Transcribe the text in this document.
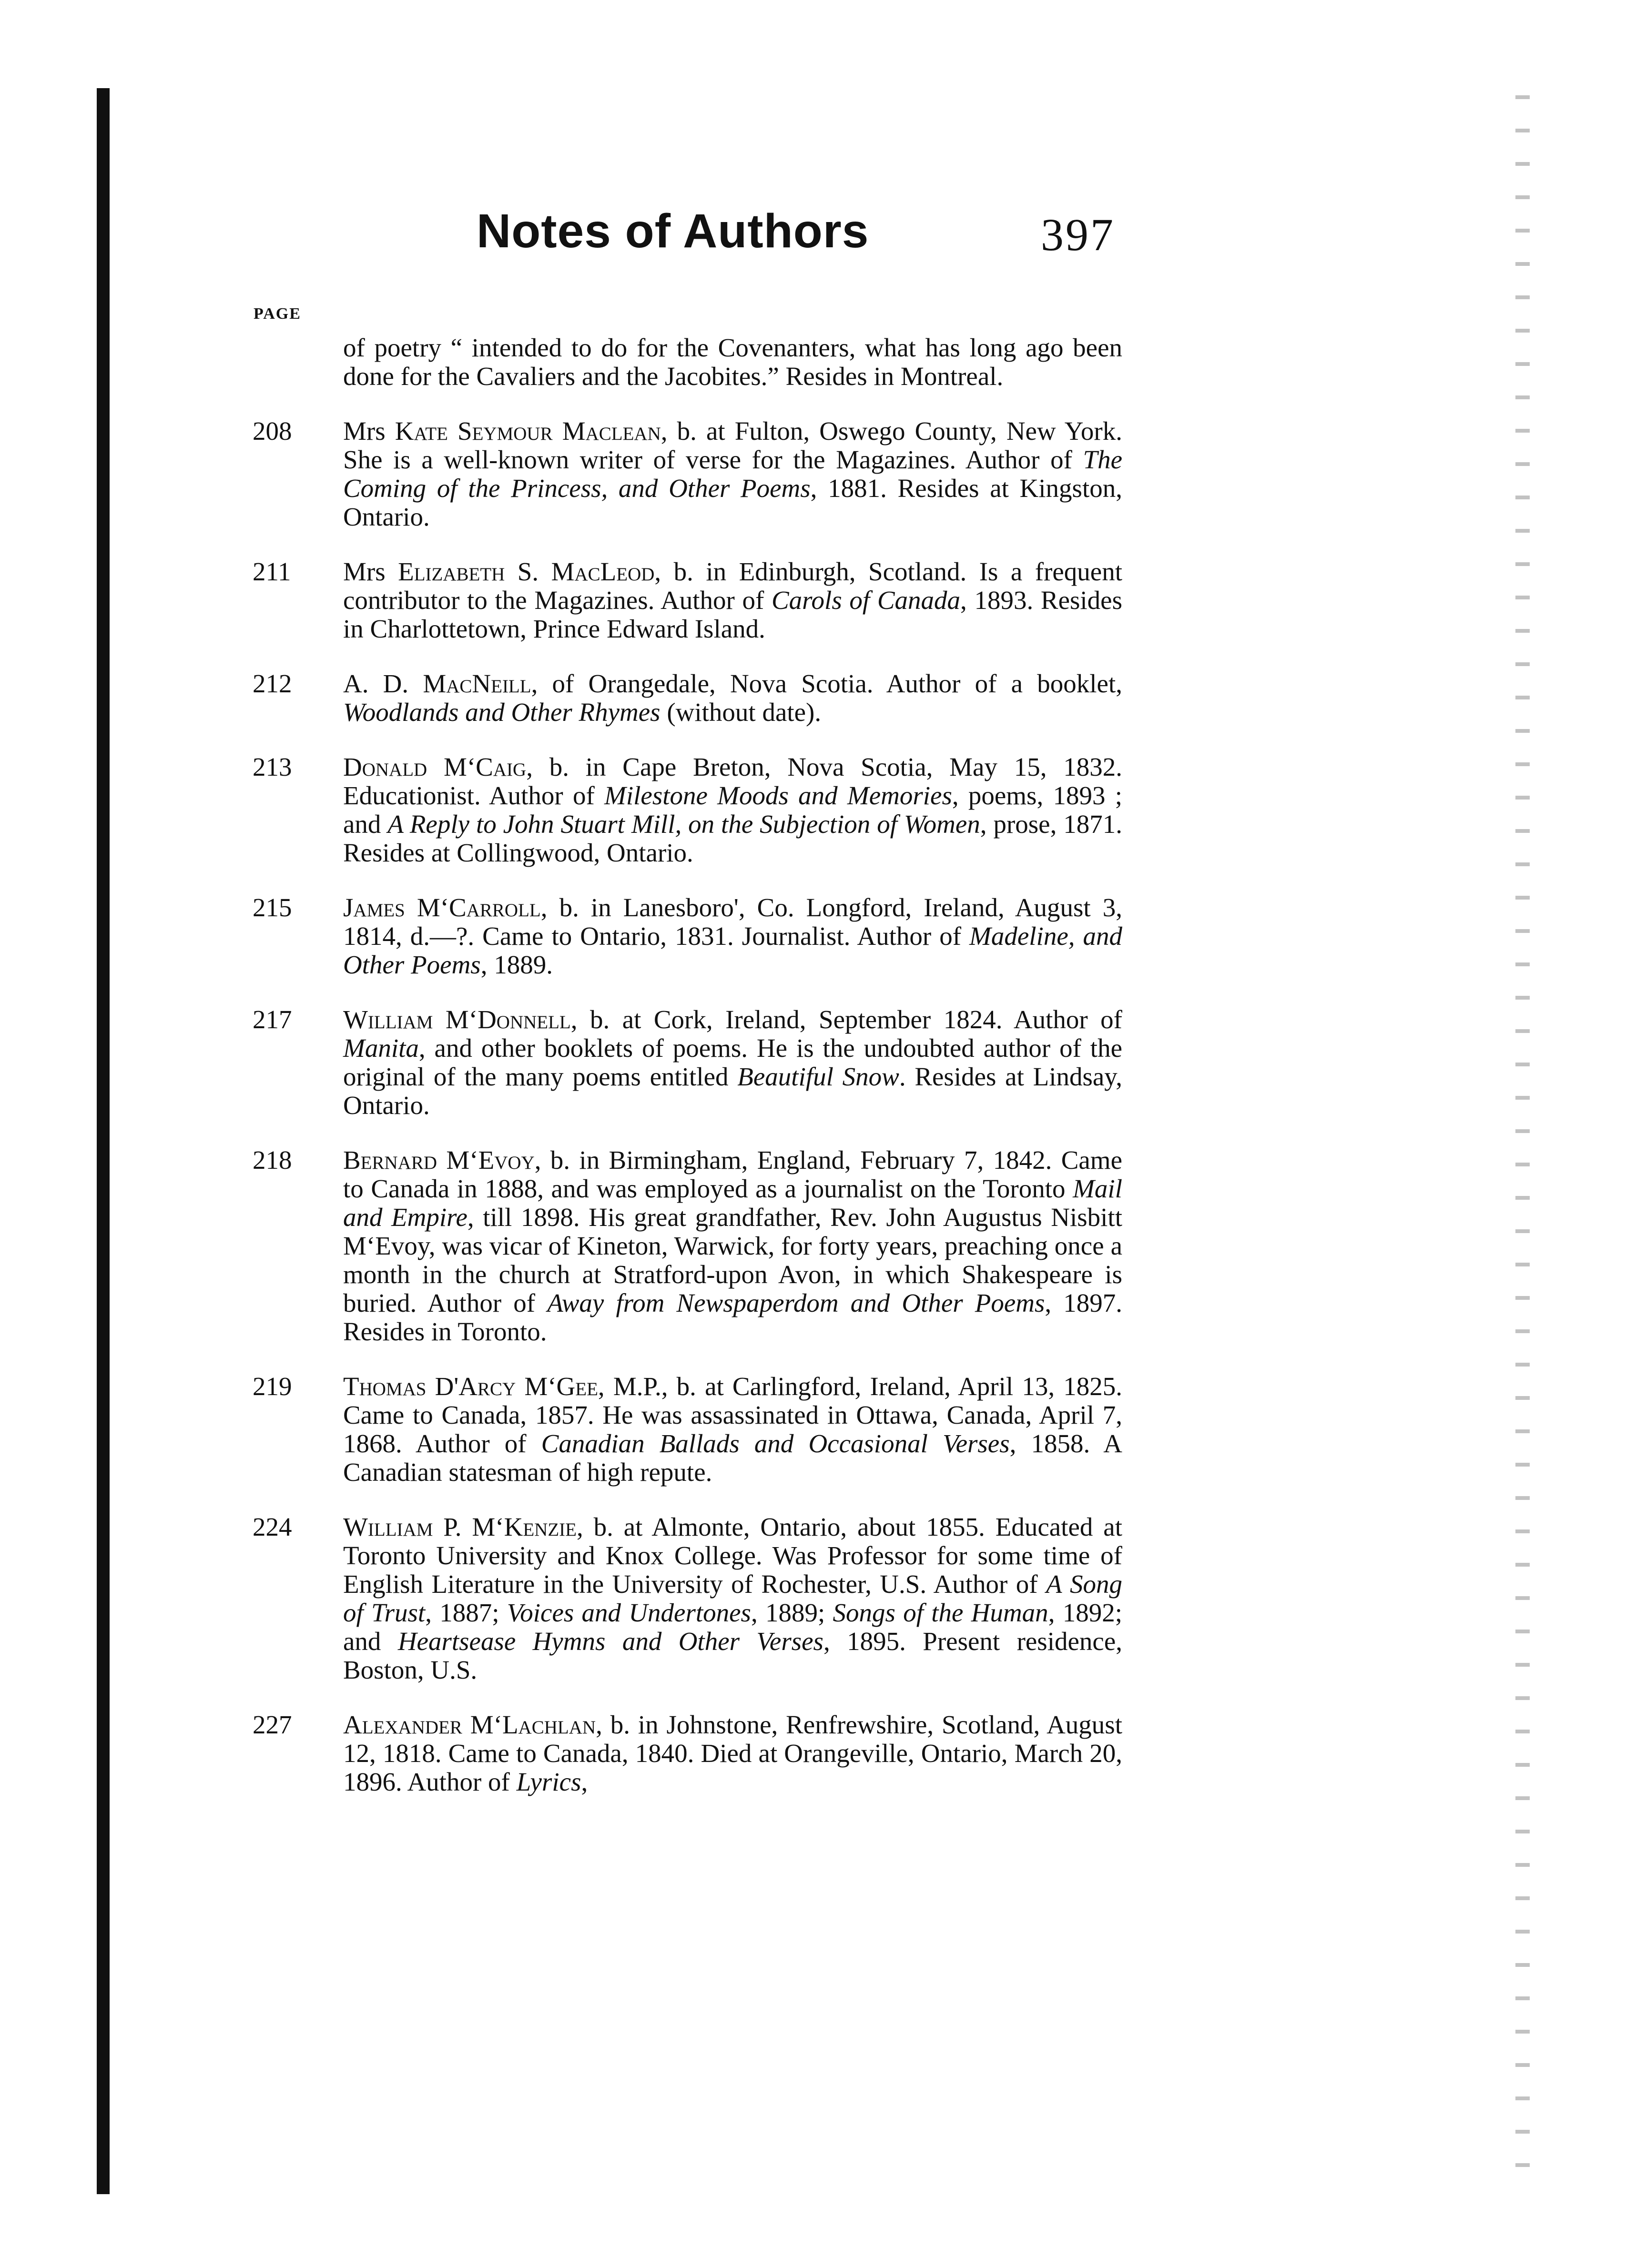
Notes of Authors	397
PAGE

of poetry “ intended to do for the Covenanters, what has long ago been done for the Cavaliers and the Jacobites.” Resides in Montreal.

208 Mrs Kate Seymour Maclean, b. at Fulton, Oswego County, New York. She is a well-known writer of verse for the Magazines. Author of The Coming of the Princess, and Other Poems, 1881. Resides at Kingston, Ontario.

211 Mrs Elizabeth S. MacLeod, b. in Edinburgh, Scotland. Is a frequent contributor to the Magazines. Author of Carols of Canada, 1893. Resides in Charlottetown, Prince Edward Island.

212 A. D. MacNeill, of Orangedale, Nova Scotia. Author of a booklet, Woodlands and Other Rhymes (without date).

213 Donald M‘Caig, b. in Cape Breton, Nova Scotia, May 15, 1832. Educationist. Author of Milestone Moods and Memories, poems, 1893 ; and A Reply to John Stuart Mill, on the Subjection of Women, prose, 1871. Resides at Collingwood, Ontario.

215 James M‘Carroll, b. in Lanesboro', Co. Longford, Ireland, August 3, 1814, d.—?. Came to Ontario, 1831. Journalist. Author of Madeline, and Other Poems, 1889.

217 William M‘Donnell, b. at Cork, Ireland, September 1824. Author of Manita, and other booklets of poems. He is the undoubted author of the original of the many poems entitled Beautiful Snow. Resides at Lindsay, Ontario.

218 Bernard M‘Evoy, b. in Birmingham, England, February 7, 1842. Came to Canada in 1888, and was employed as a journalist on the Toronto Mail and Empire, till 1898. His great grandfather, Rev. John Augustus Nisbitt M‘Evoy, was vicar of Kineton, Warwick, for forty years, preaching once a month in the church at Stratford-upon Avon, in which Shakespeare is buried. Author of Away from Newspaperdom and Other Poems, 1897. Resides in Toronto.

219 Thomas D'Arcy M‘Gee, M.P., b. at Carlingford, Ireland, April 13, 1825. Came to Canada, 1857. He was assassinated in Ottawa, Canada, April 7, 1868. Author of Canadian Ballads and Occasional Verses, 1858. A Canadian statesman of high repute.

224 William P. M‘Kenzie, b. at Almonte, Ontario, about 1855. Educated at Toronto University and Knox College. Was Professor for some time of English Literature in the University of Rochester, U.S. Author of A Song of Trust, 1887; Voices and Undertones, 1889; Songs of the Human, 1892; and Heartsease Hymns and Other Verses, 1895. Present residence, Boston, U.S.

227 Alexander M‘Lachlan, b. in Johnstone, Renfrewshire, Scotland, August 12, 1818. Came to Canada, 1840. Died at Orangeville, Ontario, March 20, 1896. Author of Lyrics,
